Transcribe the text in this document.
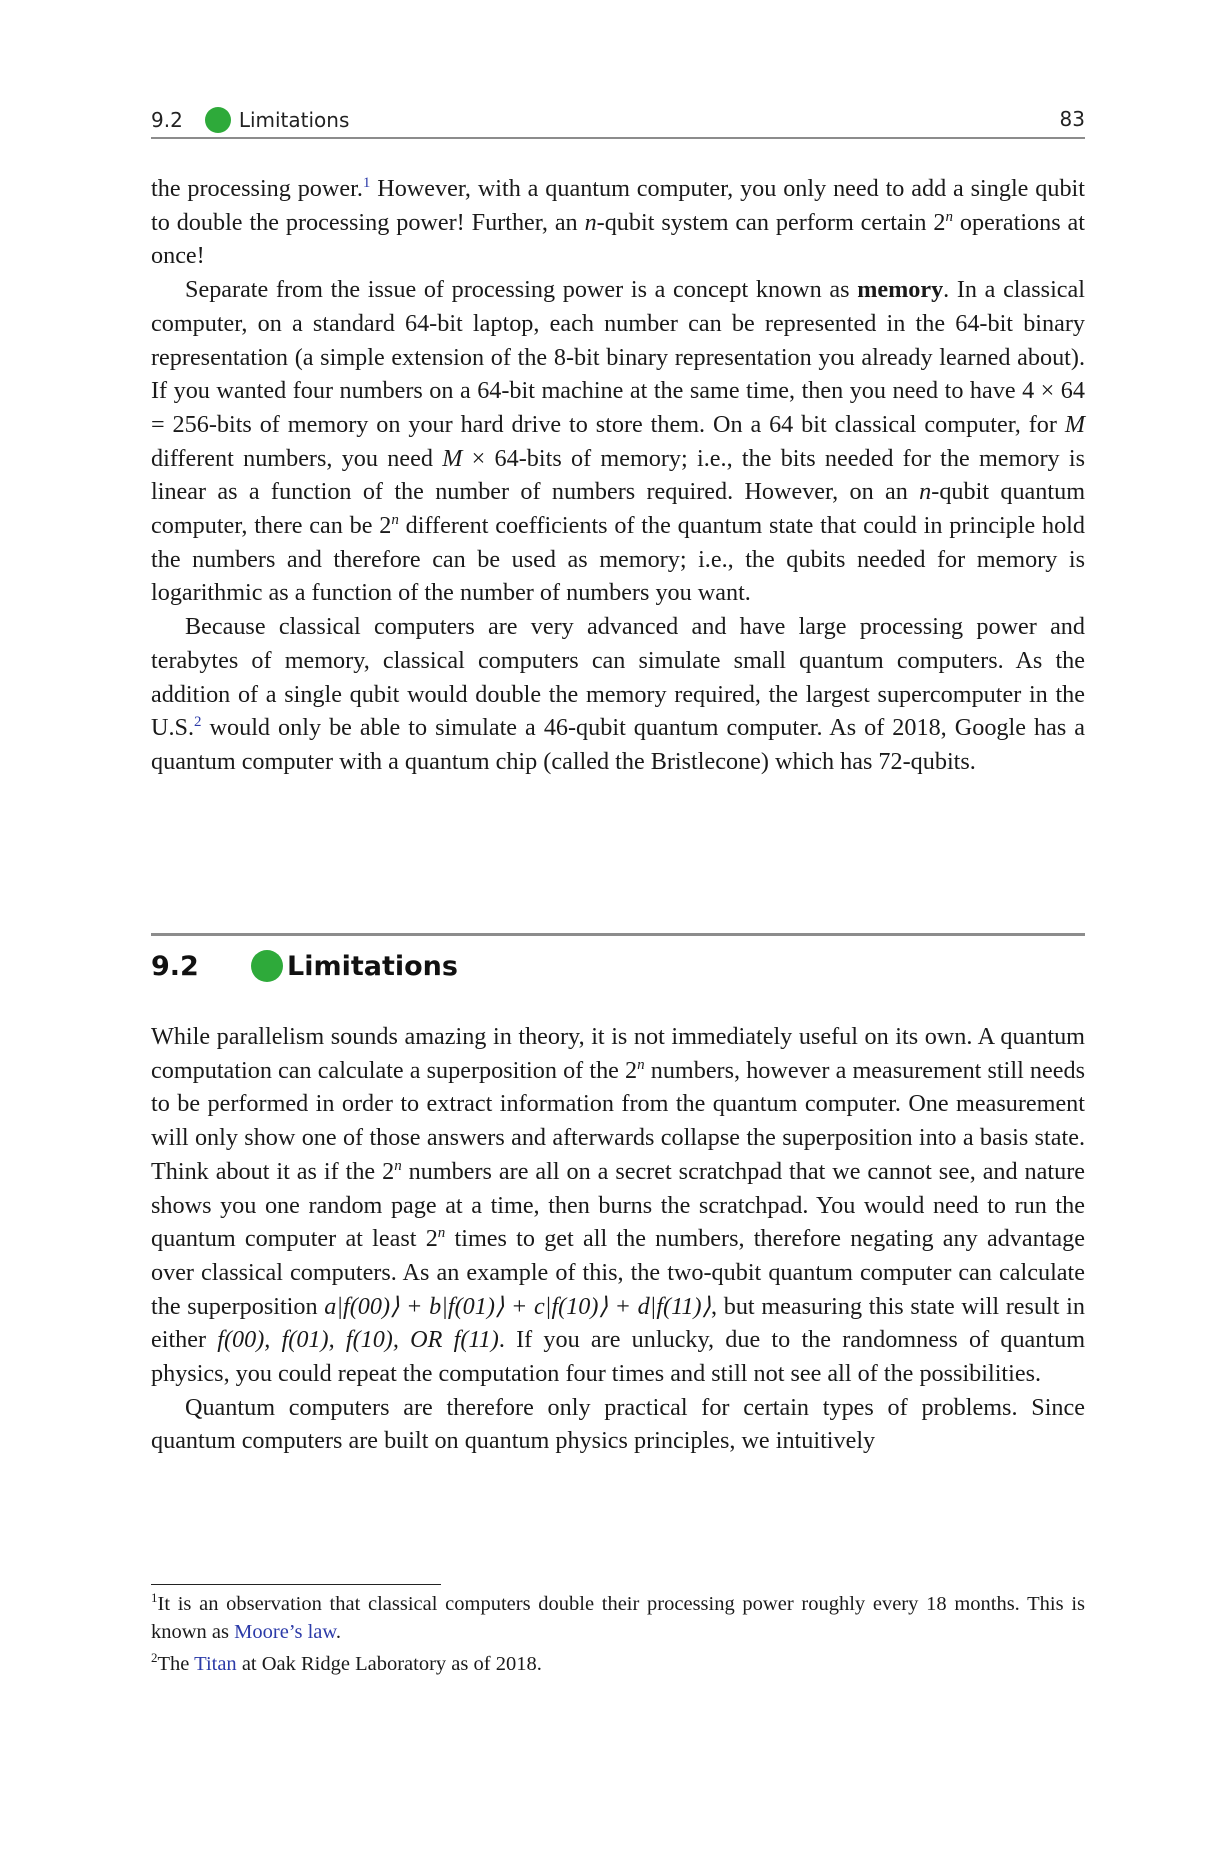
9.2	Limitations	83

the processing power.$^1$ However, with a quantum computer, you only need to add a single qubit to double the processing power! Further, an n-qubit system can perform certain 2$^n$ operations at once!

Separate from the issue of processing power is a concept known as memory. In a classical computer, on a standard 64-bit laptop, each number can be represented in the 64-bit binary representation (a simple extension of the 8-bit binary representation you already learned about). If you wanted four numbers on a 64-bit machine at the same time, then you need to have 4 × 64 = 256-bits of memory on your hard drive to store them. On a 64 bit classical computer, for M different numbers, you need M × 64-bits of memory; i.e., the bits needed for the memory is linear as a function of the number of numbers required. However, on an n-qubit quantum computer, there can be 2$^n$ different coefficients of the quantum state that could in principle hold the numbers and therefore can be used as memory; i.e., the qubits needed for memory is logarithmic as a function of the number of numbers you want.

Because classical computers are very advanced and have large processing power and terabytes of memory, classical computers can simulate small quantum computers. As the addition of a single qubit would double the memory required, the largest supercomputer in the U.S.$^2$ would only be able to simulate a 46-qubit quantum computer. As of 2018, Google has a quantum computer with a quantum chip (called the Bristlecone) which has 72-qubits.

9.2	Limitations

While parallelism sounds amazing in theory, it is not immediately useful on its own. A quantum computation can calculate a superposition of the 2$^n$ numbers, however a measurement still needs to be performed in order to extract information from the quantum computer. One measurement will only show one of those answers and afterwards collapse the superposition into a basis state. Think about it as if the 2$^n$ numbers are all on a secret scratchpad that we cannot see, and nature shows you one random page at a time, then burns the scratchpad. You would need to run the quantum computer at least 2$^n$ times to get all the numbers, therefore negating any advantage over classical computers. As an example of this, the two-qubit quantum computer can calculate the superposition a|f(00)⟩ + b|f(01)⟩ + c|f(10)⟩ + d|f(11)⟩, but measuring this state will result in either f(00), f(01), f(10), OR f(11). If you are unlucky, due to the randomness of quantum physics, you could repeat the computation four times and still not see all of the possibilities.

Quantum computers are therefore only practical for certain types of problems. Since quantum computers are built on quantum physics principles, we intuitively

$^1$It is an observation that classical computers double their processing power roughly every 18 months. This is known as Moore’s law.

$^2$The Titan at Oak Ridge Laboratory as of 2018.
